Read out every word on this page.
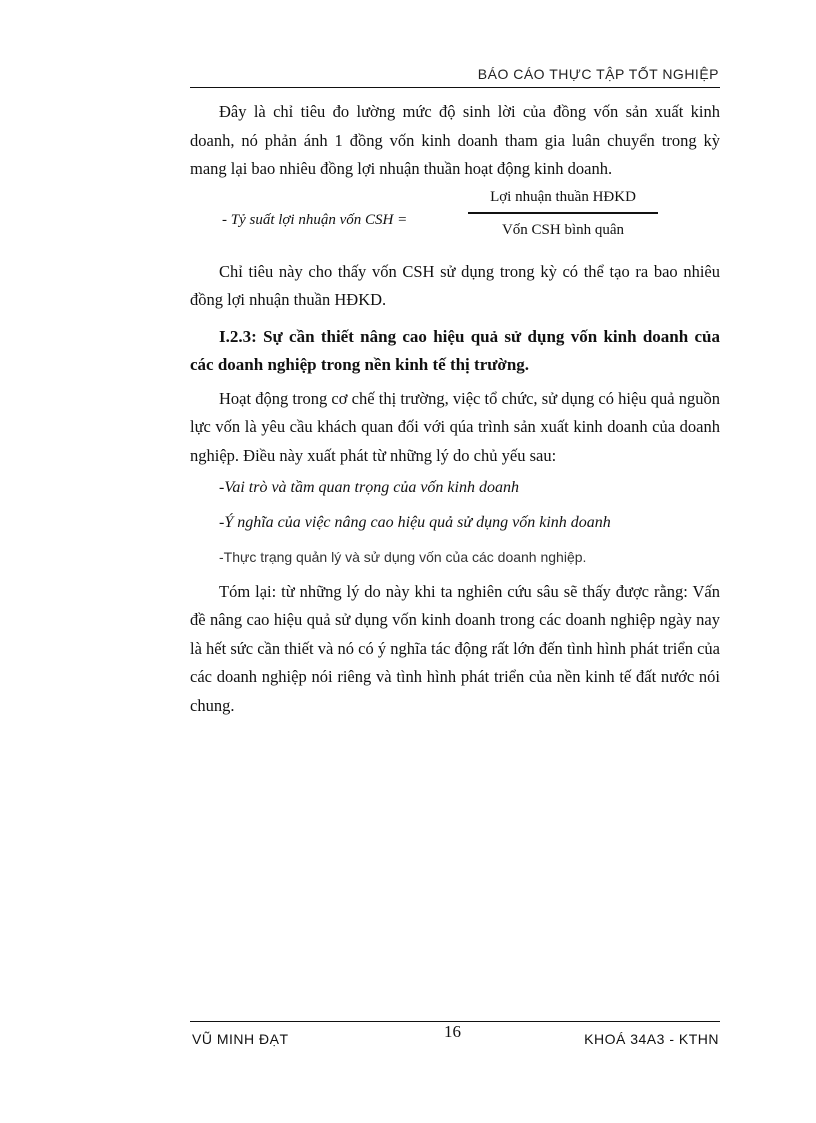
BÁO CÁO THỰC TẬP TỐT NGHIỆP

Đây là chỉ tiêu đo lường mức độ sinh lời của đồng vốn sản xuất kinh doanh, nó phản ánh 1 đồng vốn kinh doanh tham gia luân chuyển trong kỳ mang lại bao nhiêu đồng lợi nhuận thuần hoạt động kinh doanh.

- Tỷ suất lợi nhuận vốn CSH =
Lợi nhuận thuần HĐKD
Vốn CSH bình quân

Chỉ tiêu này cho thấy vốn CSH sử dụng trong kỳ có thể tạo ra bao nhiêu đồng lợi nhuận thuần HĐKD.

I.2.3: Sự cần thiết nâng cao hiệu quả sử dụng vốn kinh doanh của các doanh nghiệp trong nền kinh tế thị trường.

Hoạt động trong cơ chế thị trường, việc tổ chức, sử dụng có hiệu quả nguồn lực vốn là yêu cầu khách quan đối với qúa trình sản xuất kinh doanh của doanh nghiệp. Điều này xuất phát từ những lý do chủ yếu sau:

-Vai trò và tầm quan trọng của vốn kinh doanh
-Ý nghĩa của việc nâng cao hiệu quả sử dụng vốn kinh doanh
-Thực trạng quản lý và sử dụng vốn của các doanh nghiệp.

Tóm lại: từ những lý do này khi ta nghiên cứu sâu sẽ thấy được rằng: Vấn đề nâng cao hiệu quả sử dụng vốn kinh doanh trong các doanh nghiệp ngày nay là hết sức cần thiết và nó có ý nghĩa tác động rất lớn đến tình hình phát triển của các doanh nghiệp nói riêng và tình hình phát triển của nền kinh tế đất nước nói chung.

VŨ MINH ĐẠT	16	KHOÁ 34A3 - KTHN
